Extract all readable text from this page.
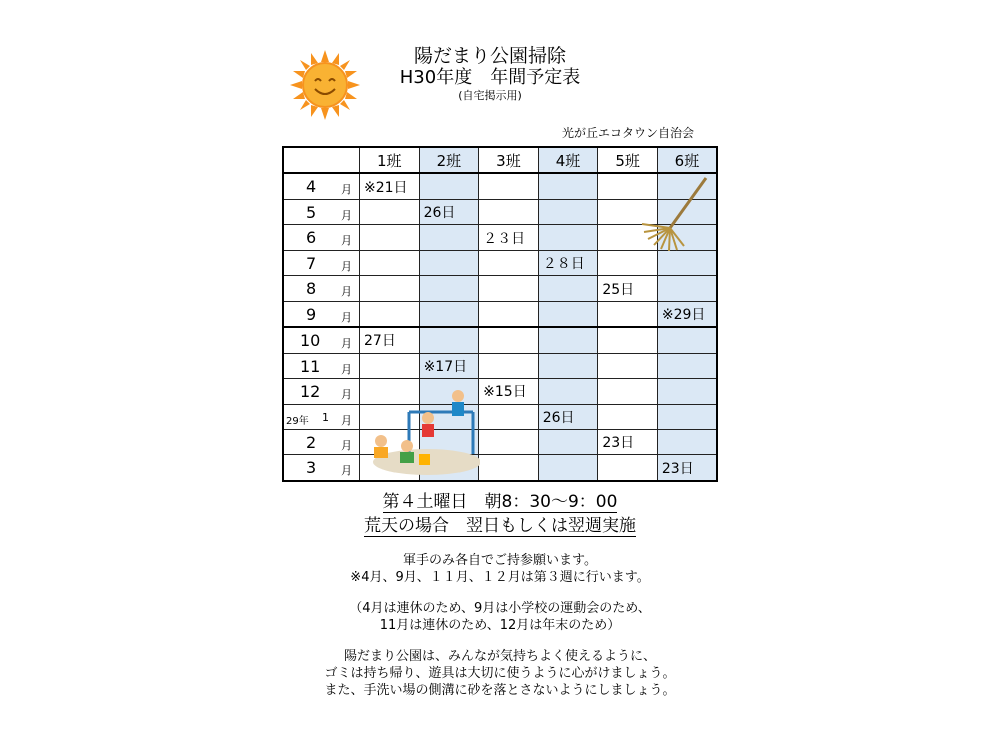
陽だまり公園掃除
H30年度　年間予定表
(自宅掲示用)
光が丘エコタウン自治会
	1班	2班	3班	4班	5班	6班

4 月	※21日					

5 月		26日				

6 月			２３日			

7 月				２８日		

8 月					25日	

9 月						※29日

10 月	27日					

11 月		※17日				

12 月			※15日			

29年 1 月				26日		

2 月					23日	

3 月						23日
第４土曜日　朝8：30〜9：00
荒天の場合　翌日もしくは翌週実施

軍手のみ各自でご持参願います。
※4月、9月、１１月、１２月は第３週に行います。

（4月は連休のため、9月は小学校の運動会のため、
11月は連休のため、12月は年末のため）

陽だまり公園は、みんなが気持ちよく使えるように、
ゴミは持ち帰り、遊具は大切に使うように心がけましょう。
また、手洗い場の側溝に砂を落とさないようにしましょう。
